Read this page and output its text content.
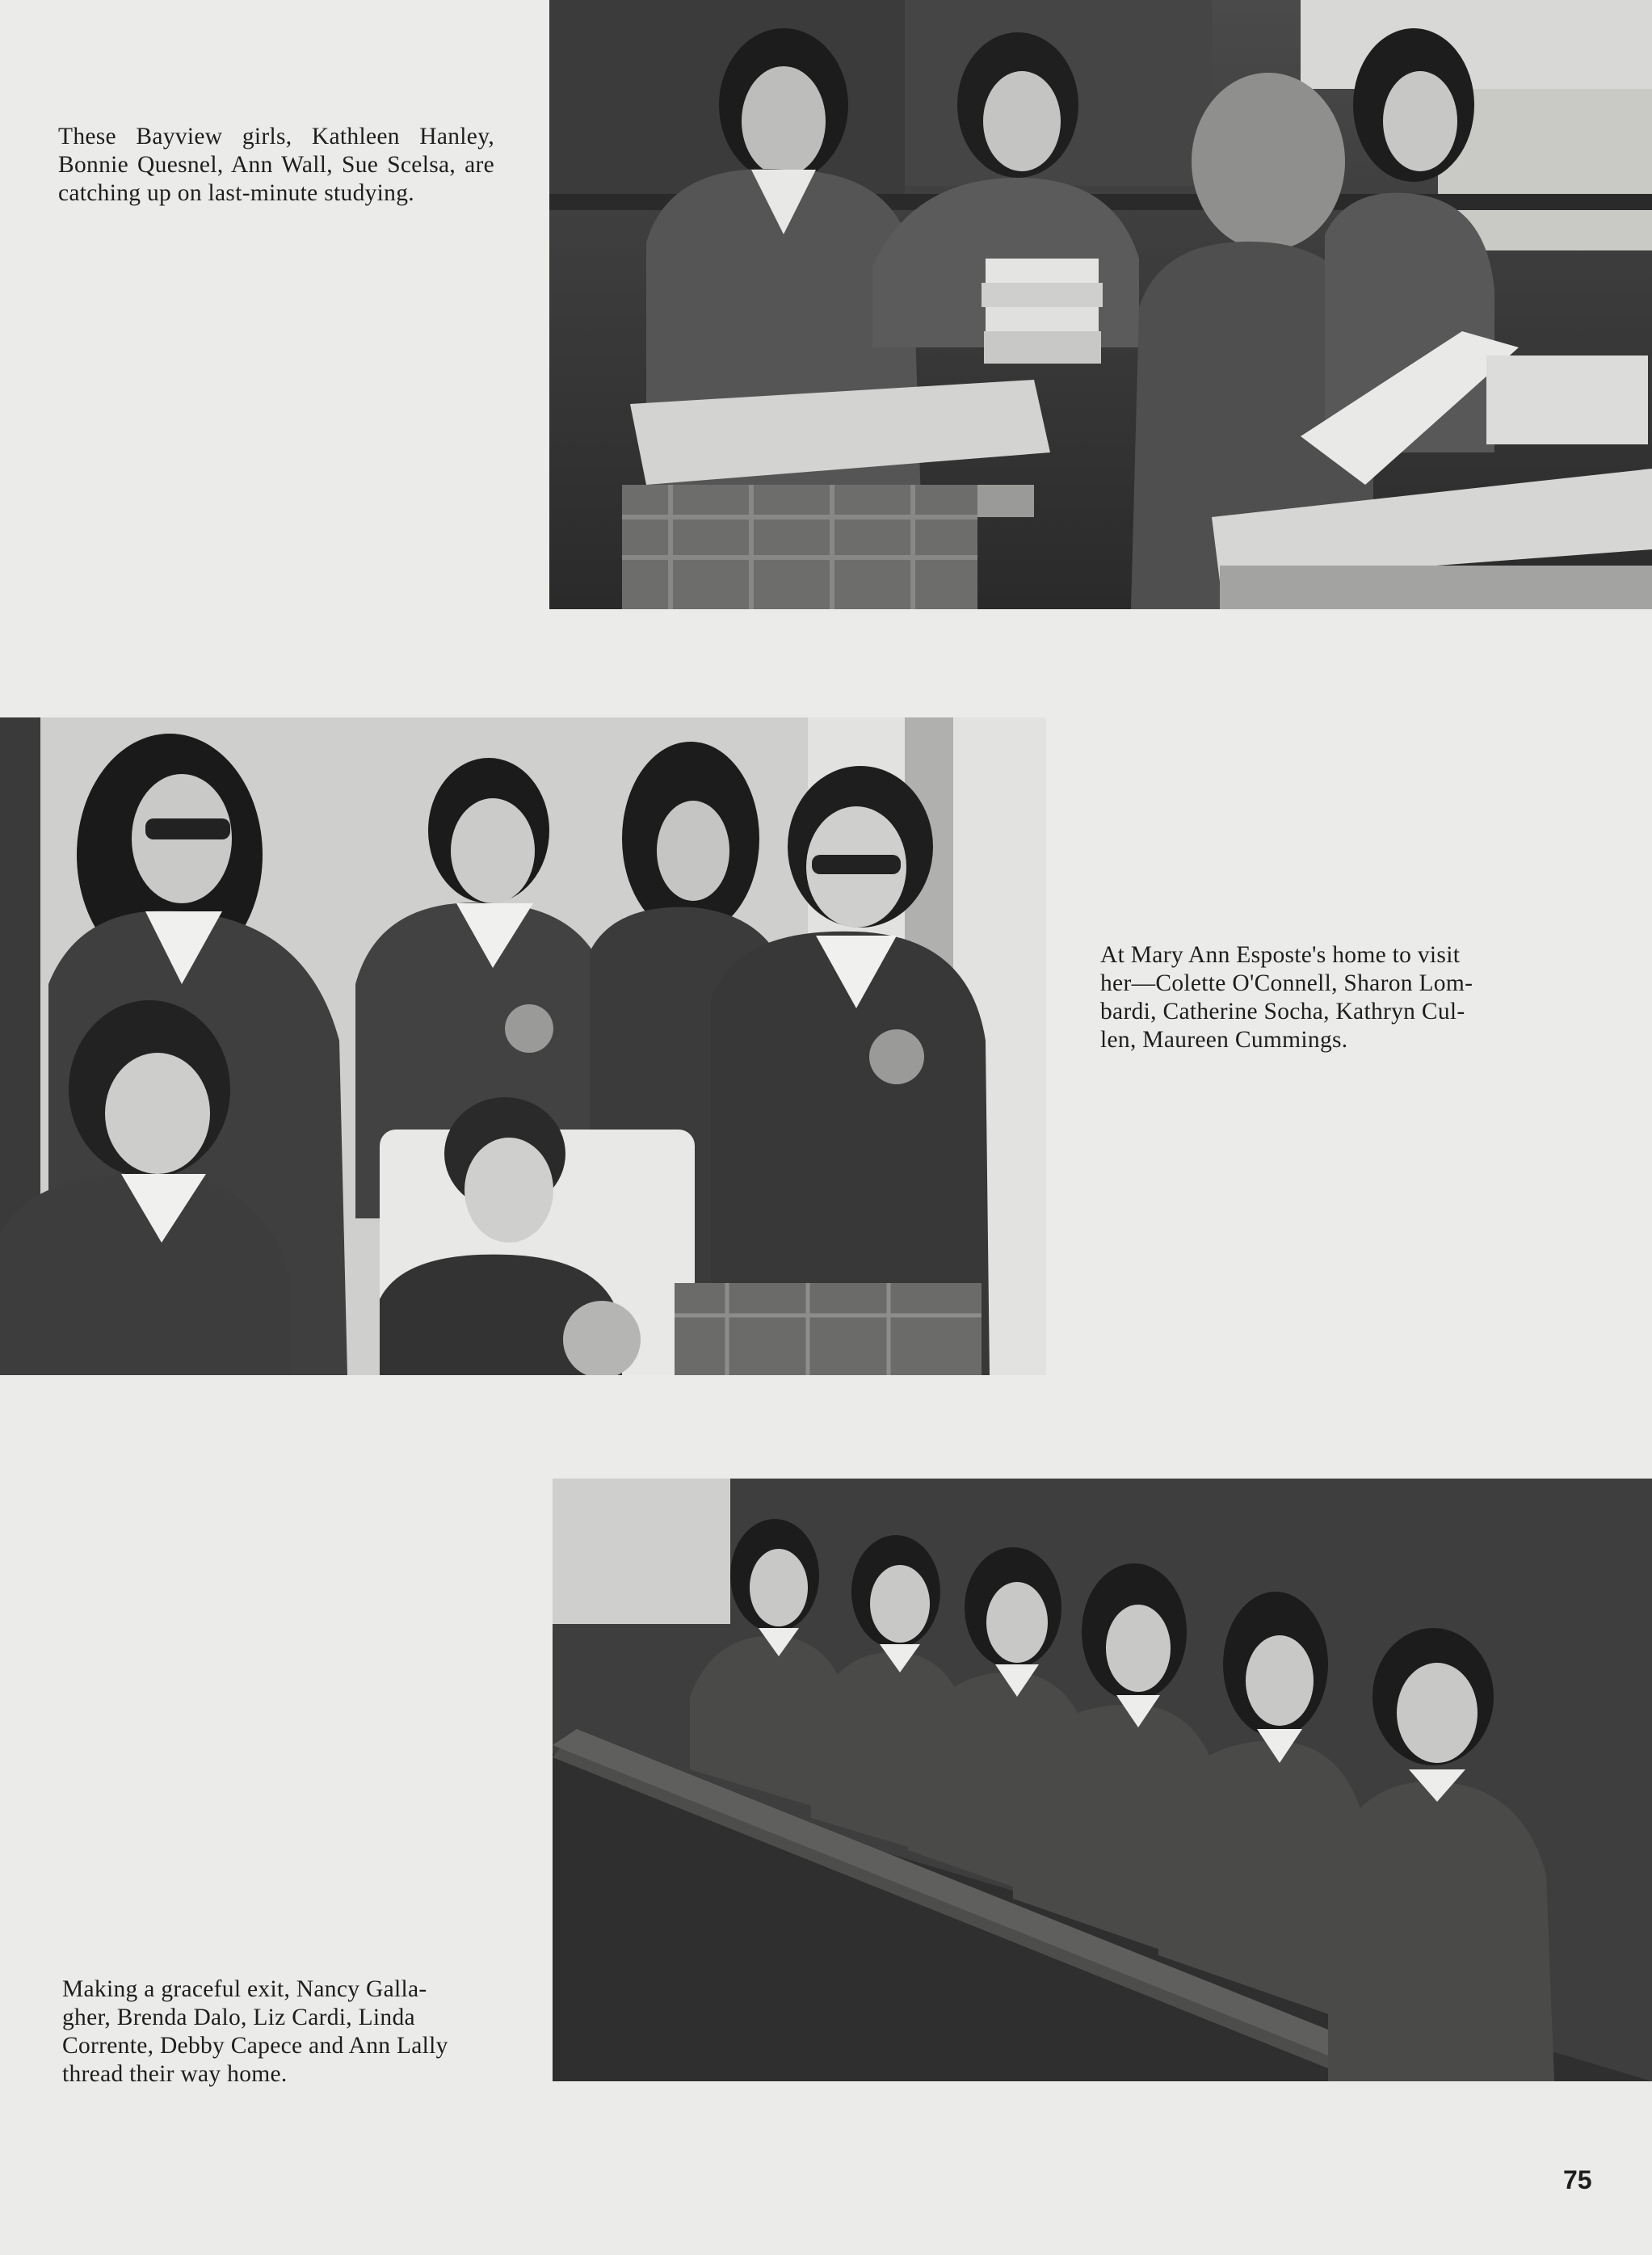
These Bayview girls, Kathleen Hanley, Bonnie Quesnel, Ann Wall, Sue Scelsa, are catching up on last-minute studying.
At Mary Ann Esposte's home to visit
her—Colette O'Connell, Sharon Lom-
bardi, Catherine Socha, Kathryn Cul-
len, Maureen Cummings.
Making a graceful exit, Nancy Galla-
gher, Brenda Dalo, Liz Cardi, Linda
Corrente, Debby Capece and Ann Lally
thread their way home.
75
